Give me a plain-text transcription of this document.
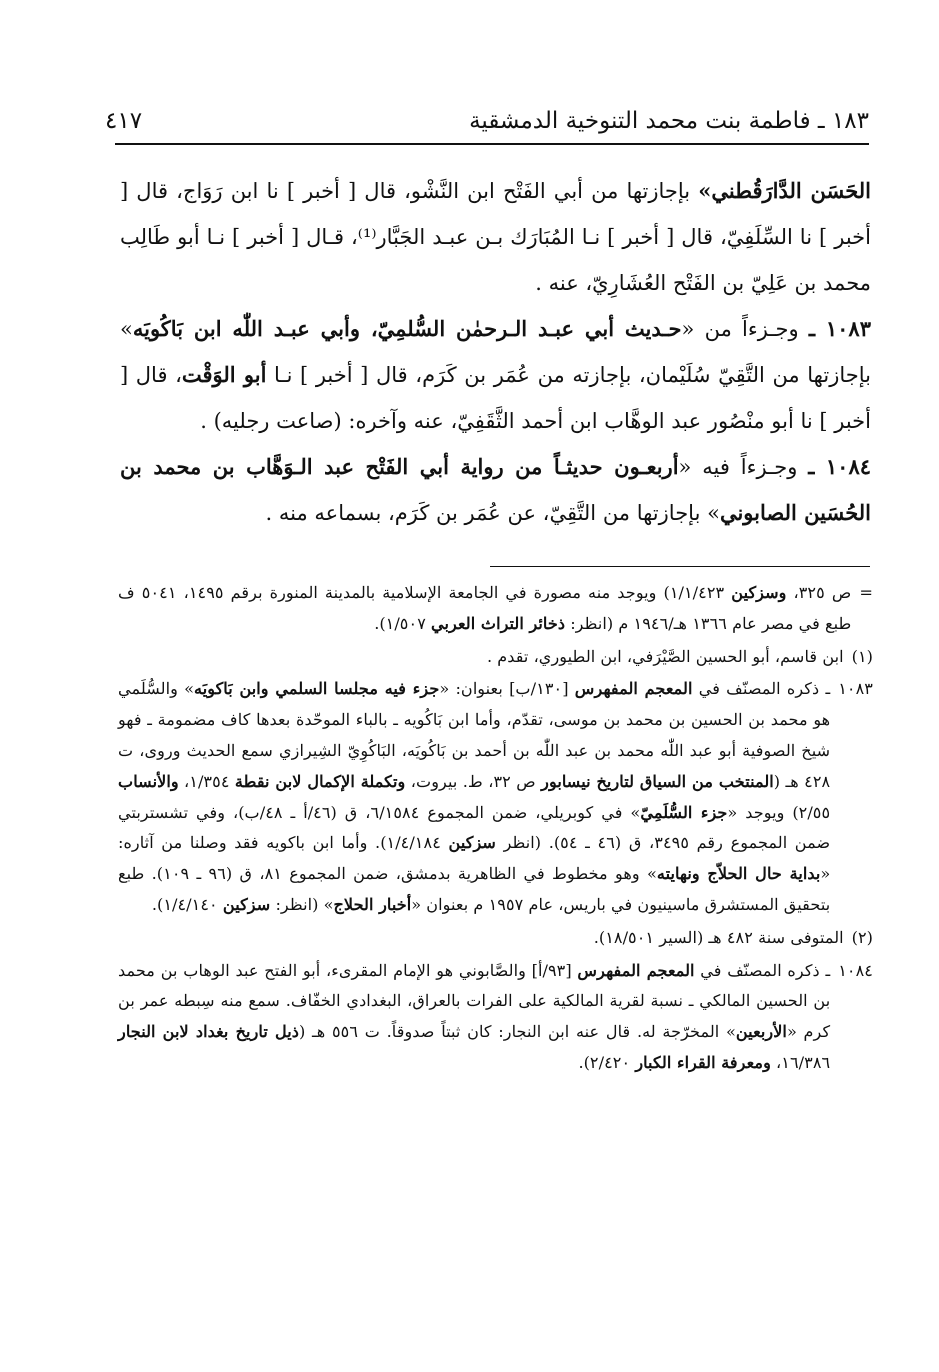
١٨٣ ـ فاطمة بنت محمد التنوخية الدمشقية
٤١٧

الحَسَن الدَّارَقُطني» بإجازتها من أبي الفَتْح ابن النَّشْو، قال [ أخبر ] نا ابن رَوَاج، قال [ أخبر ] نا السِّلَفِيّ، قال [ أخبر ] نـا المُبَارَك بـن عبـد الجَبَّار⁽¹⁾، قـال [ أخبر ] نـا أبو طَالِب محمد بن عَلِيّ بن الفَتْح العُشَارِيّ، عنه .

١٠٨٣ ـ وجـزءاً من «حـديث أبي عبـد الـرحمٰن السُّلمِيّ، وأبي عبـد اللّٰه ابن بَاكُويَه» بإجازتها من التَّقِيّ سُلَيْمان، بإجازته من عُمَر بن كَرَم، قال [ أخبر ] نـا أبو الوَقْت، قال [ أخبر ] نا أبو منْصُور عبد الوهَّاب ابن أحمد الثَّقَفِيّ، عنه وآخره: (صاعت رجليه) .

١٠٨٤ ـ وجـزءاً فيه «أربعـون حديثـاً من رواية أبي الفَتْح عبد الـوَهَّاب بن محمد بن الحُسَين الصابوني» بإجازتها من التَّقِيّ، عن عُمَر بن كَرَم، بسماعه منه .

=
ص ٣٢٥، وسزكين ١/١/٤٢٣) ويوجد منه مصورة في الجامعة الإسلامية بالمدينة المنورة برقم ١٤٩٥، ٥٠٤١ ف طبع في مصر عام ١٣٦٦ هـ/١٩٤٦ م (انظر: ذخائر التراث العربي ١/٥٠٧).
(١)
ابن قاسم، أبو الحسين الصَّيْرَفي، ابن الطيوري، تقدم .
١٠٨٣
ـ ذكره المصنّف في المعجم المفهرس [١٣٠/ب] بعنوان: «جزء فيه مجلسا السلمي وابن بَاكويَه» والسُّلَمي هو محمد بن الحسين بن محمد بن موسى، تقدّم، وأما ابن بَاكُويه ـ بالباء الموحّدة بعدها كاف مضمومة ـ فهو شيخ الصوفية أبو عبد اللّٰه محمد بن عبد اللّٰه بن أحمد بن بَاكُويَه، البَاكُوِيّ الشِيرازي سمع الحديث وروى، ت ٤٢٨ هـ (المنتخب من السياق لتاريخ نيسابور ص ٣٢، ط. بيروت، وتكملة الإكمال لابن نقطة ١/٣٥٤، والأنساب ٢/٥٥) ويوجد «جزء السُّلَمِيّ» في كوبريلي، ضمن المجموع ٦/١٥٨٤، ق (٤٦/أ ـ ٤٨/ب)، وفي تشستربتي ضمن المجموع رقم ٣٤٩٥، ق (٤٦ ـ ٥٤). (انظر سزكين ١/٤/١٨٤). وأما ابن باكويه فقد وصلنا من آثاره: «بداية حال الحلاّج ونهايته» وهو مخطوط في الظاهرية بدمشق، ضمن المجموع ٨١، ق (٩٦ ـ ١٠٩). طبع بتحقيق المستشرق ماسينيون في باريس، عام ١٩٥٧ م بعنوان «أخبار الحلاج» (انظر: سزكين ١/٤/١٤٠).
(٢)
المتوفى سنة ٤٨٢ هـ (السير ١٨/٥٠١).
١٠٨٤
ـ ذكره المصنّف في المعجم المفهرس [٩٣/أ] والصَّابوني هو الإمام المقرىء، أبو الفتح عبد الوهاب بن محمد بن الحسين المالكي ـ نسبة لقرية المالكية على الفرات بالعراق، البغدادي الخفّاف. سمع منه سِبطه عمر بن كرم «الأربعين» المخرّجة له. قال عنه ابن النجار: كان ثبتاً صدوقاً. ت ٥٥٦ هـ (ذيل تاريخ بغداد لابن النجار ١٦/٣٨٦، ومعرفة القراء الكبار ٢/٤٢٠).
